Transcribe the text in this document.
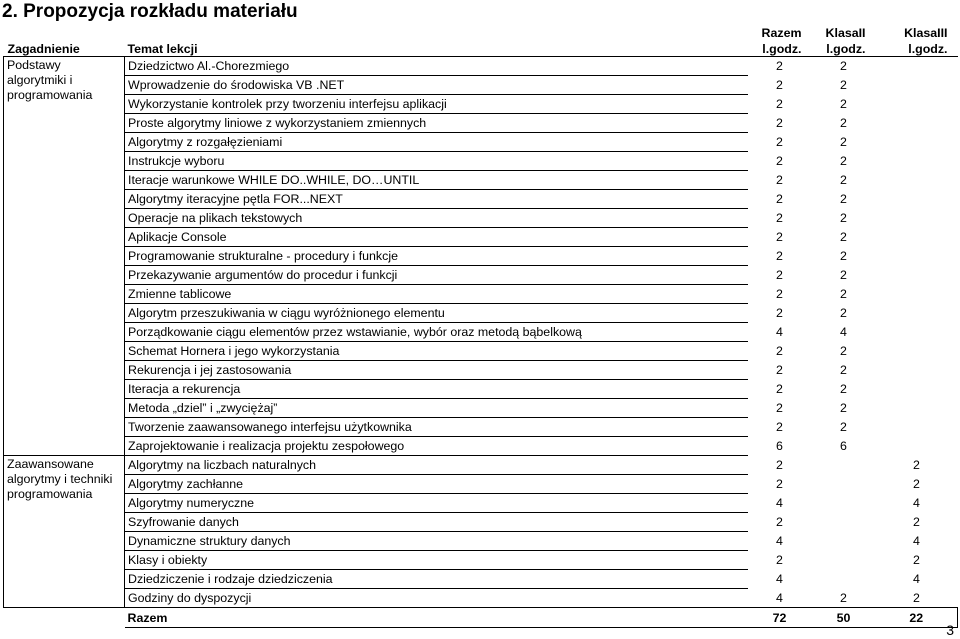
2. Propozycja rozkładu materiału
		Razem	KlasaII	KlasaIII
Zagadnienie	Temat lekcji	l.godz.	l.godz.	l.godz.
Podstawy algorytmiki i programowania	Dziedzictwo Al.-Chorezmiego	2	2	
	Wprowadzenie do środowiska VB .NET	2	2	
	Wykorzystanie kontrolek przy tworzeniu interfejsu aplikacji	2	2	
	Proste algorytmy liniowe z wykorzystaniem zmiennych	2	2	
	Algorytmy z rozgałęzieniami	2	2	
	Instrukcje wyboru	2	2	
	Iteracje warunkowe WHILE DO..WHILE, DO…UNTIL	2	2	
	Algorytmy iteracyjne pętla FOR...NEXT	2	2	
	Operacje na plikach tekstowych	2	2	
	Aplikacje Console	2	2	
	Programowanie strukturalne - procedury i funkcje	2	2	
	Przekazywanie argumentów do procedur i funkcji	2	2	
	Zmienne tablicowe	2	2	
	Algorytm przeszukiwania w ciągu wyróżnionego elementu	2	2	
	Porządkowanie ciągu elementów przez wstawianie, wybór oraz metodą bąbelkową	4	4	
	Schemat Hornera i jego wykorzystania	2	2	
	Rekurencja i jej zastosowania	2	2	
	Iteracja a rekurencja	2	2	
	Metoda „dziel” i „zwyciężaj”	2	2	
	Tworzenie zaawansowanego interfejsu użytkownika	2	2	
	Zaprojektowanie i realizacja projektu zespołowego	6	6	
Zaawansowane algorytmy i techniki programowania	Algorytmy na liczbach naturalnych	2		2
	Algorytmy zachłanne	2		2
	Algorytmy numeryczne	4		4
	Szyfrowanie danych	2		2
	Dynamiczne struktury danych	4		4
	Klasy i obiekty	2		2
	Dziedziczenie i rodzaje dziedziczenia	4		4
	Godziny do dyspozycji	4	2	2
	Razem	72	50	22
3
